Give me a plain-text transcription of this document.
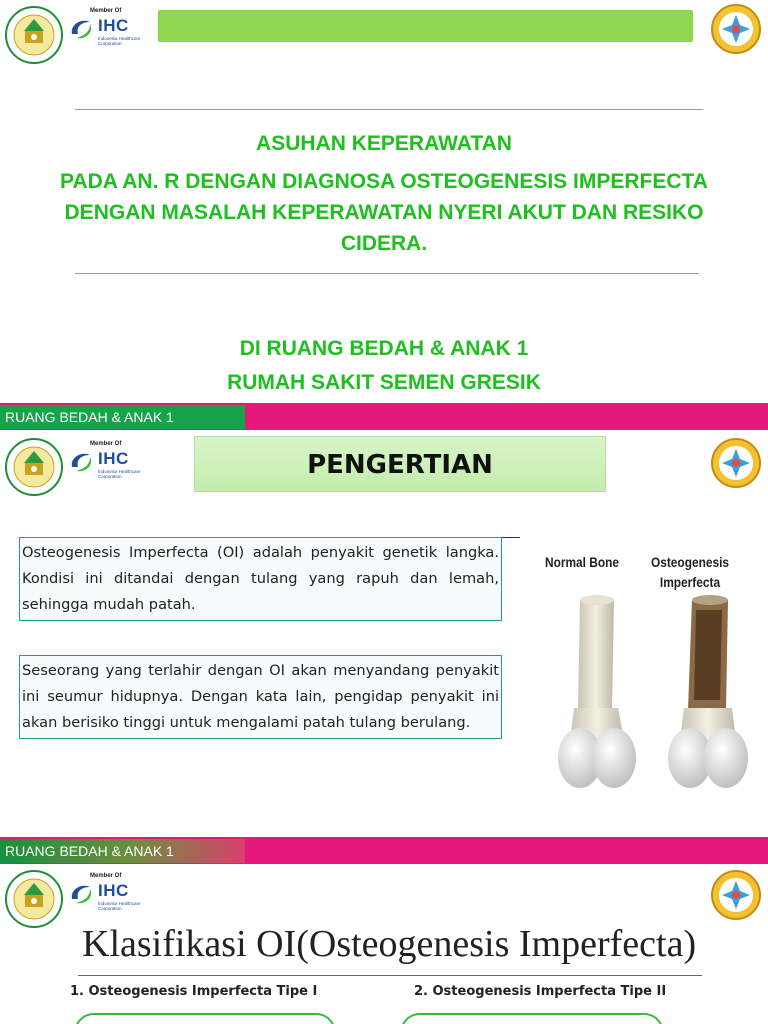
Member Of
IHC
Indonesia Healthcare Corporation
ASUHAN KEPERAWATAN
PADA AN. R DENGAN DIAGNOSA OSTEOGENESIS IMPERFECTA DENGAN MASALAH KEPERAWATAN NYERI AKUT DAN RESIKO CIDERA.
DI RUANG BEDAH & ANAK 1
RUMAH SAKIT SEMEN GRESIK
RUANG BEDAH & ANAK 1
Member Of
IHC
Indonesia Healthcare Corporation	PENGERTIAN
Osteogenesis Imperfecta (OI) adalah penyakit genetik langka. Kondisi ini ditandai dengan tulang yang rapuh dan lemah, sehingga mudah patah.
Seseorang yang terlahir dengan OI akan menyandang penyakit ini seumur hidupnya. Dengan kata lain, pengidap penyakit ini akan berisiko tinggi untuk mengalami patah tulang berulang.
Normal Bone	Osteogenesis
Imperfecta
RUANG BEDAH & ANAK 1
Member Of
IHC
Indonesia Healthcare Corporation
Klasifikasi OI(Osteogenesis Imperfecta)
1. Osteogenesis Imperfecta Tipe I	2. Osteogenesis Imperfecta Tipe II
